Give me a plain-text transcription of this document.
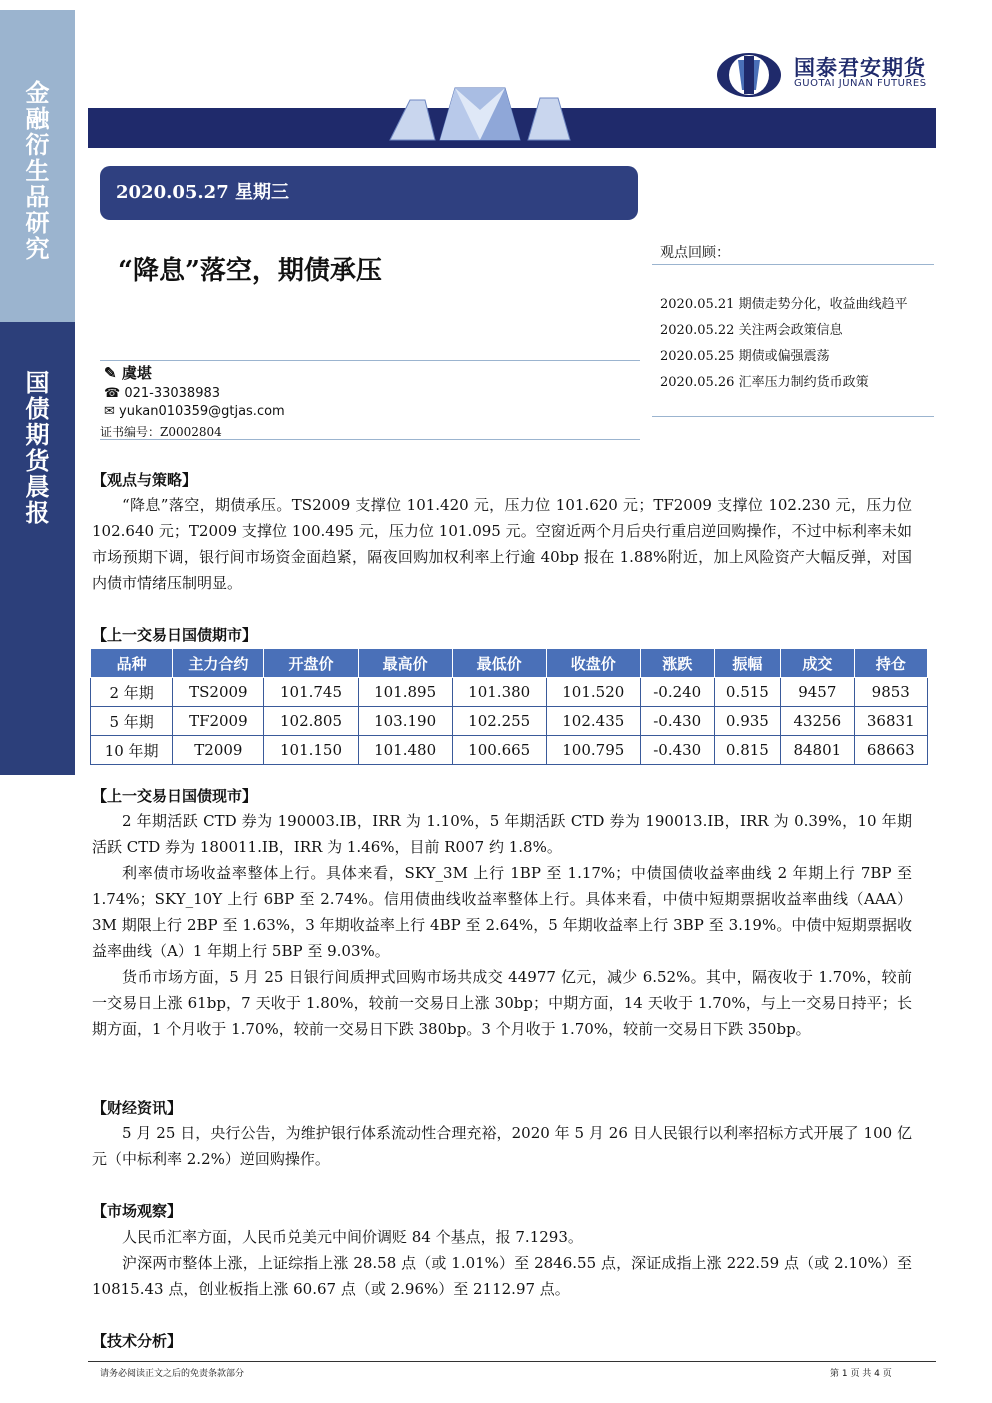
金
融
衍
生
品
研
究
国
债
期
货
晨
报
国泰君安期货
GUOTAI JUNAN FUTURES
2020.05.27 星期三
“降息”落空，期债承压
观点回顾：
2020.05.21 期债走势分化，收益曲线趋平
2020.05.22 关注两会政策信息
2020.05.25 期债或偏强震荡
2020.05.26 汇率压力制约货币政策
✎ 虞堪
☎ 021-33038983
✉ yukan010359@gtjas.com
证书编号：Z0002804
【观点与策略】

“降息”落空，期债承压。TS2009 支撑位 101.420 元，压力位 101.620 元；TF2009 支撑位 102.230 元，压力位 102.640 元；T2009 支撑位 100.495 元，压力位 101.095 元。空窗近两个月后央行重启逆回购操作，不过中标利率未如市场预期下调，银行间市场资金面趋紧，隔夜回购加权利率上行逾 40bp 报在 1.88%附近，加上风险资产大幅反弹，对国内债市情绪压制明显。

【上一交易日国债期市】
品种	主力合约	开盘价	最高价	最低价	收盘价	涨跌	振幅	成交	持仓
2 年期	TS2009	101.745	101.895	101.380	101.520	-0.240	0.515	9457	9853
5 年期	TF2009	102.805	103.190	102.255	102.435	-0.430	0.935	43256	36831
10 年期	T2009	101.150	101.480	100.665	100.795	-0.430	0.815	84801	68663
【上一交易日国债现市】

2 年期活跃 CTD 券为 190003.IB，IRR 为 1.10%，5 年期活跃 CTD 券为 190013.IB，IRR 为 0.39%，10 年期活跃 CTD 券为 180011.IB，IRR 为 1.46%，目前 R007 约 1.8%。

利率债市场收益率整体上行。具体来看，SKY_3M 上行 1BP 至 1.17%；中债国债收益率曲线 2 年期上行 7BP 至 1.74%；SKY_10Y 上行 6BP 至 2.74%。信用债曲线收益率整体上行。具体来看，中债中短期票据收益率曲线（AAA）3M 期限上行 2BP 至 1.63%，3 年期收益率上行 4BP 至 2.64%，5 年期收益率上行 3BP 至 3.19%。中债中短期票据收益率曲线（A）1 年期上行 5BP 至 9.03%。

货币市场方面，5 月 25 日银行间质押式回购市场共成交 44977 亿元，减少 6.52%。其中，隔夜收于 1.70%，较前一交易日上涨 61bp，7 天收于 1.80%，较前一交易日上涨 30bp；中期方面，14 天收于 1.70%，与上一交易日持平；长期方面，1 个月收于 1.70%，较前一交易日下跌 380bp。3 个月收于 1.70%，较前一交易日下跌 350bp。

【财经资讯】

5 月 25 日，央行公告，为维护银行体系流动性合理充裕，2020 年 5 月 26 日人民银行以利率招标方式开展了 100 亿元（中标利率 2.2%）逆回购操作。

【市场观察】

人民币汇率方面，人民币兑美元中间价调贬 84 个基点，报 7.1293。

沪深两市整体上涨，上证综指上涨 28.58 点（或 1.01%）至 2846.55 点，深证成指上涨 222.59 点（或 2.10%）至 10815.43 点，创业板指上涨 60.67 点（或 2.96%）至 2112.97 点。

【技术分析】
请务必阅读正文之后的免责条款部分	第 1 页 共 4 页
